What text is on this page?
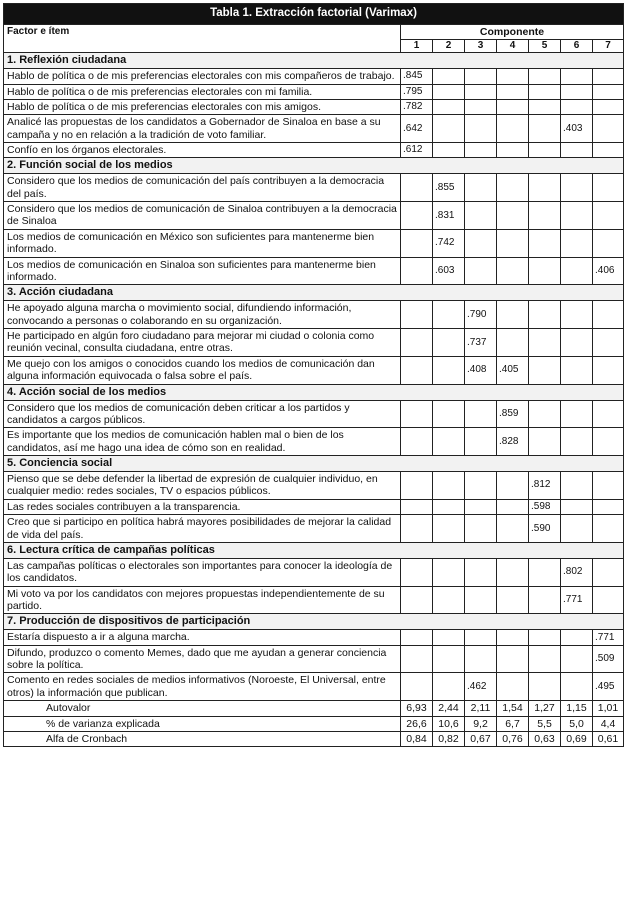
Tabla 1. Extracción factorial (Varimax)							
Factor e ítem	Componente						
	1	2	3	4	5	6	7
1. Reflexión ciudadana							
Hablo de política o de mis preferencias electorales con mis compañeros de trabajo.	.845						
Hablo de política o de mis preferencias electorales con mi familia.	.795						
Hablo de política o de mis preferencias electorales con mis amigos.	.782						
Analicé las propuestas de los candidatos a Gobernador de Sinaloa en base a su campaña y no en relación a la tradición de voto familiar.	.642					.403	
Confío en los órganos electorales.	.612						
2. Función social de los medios							
Considero que los medios de comunicación del país contribuyen a la democracia del país.		.855					
Considero que los medios de comunicación de Sinaloa contribuyen a la democracia de Sinaloa		.831					
Los medios de comunicación en México son suficientes para mantenerme bien informado.		.742					
Los medios de comunicación en Sinaloa son suficientes para mantenerme bien informado.		.603					.406
3. Acción ciudadana							
He apoyado alguna marcha o movimiento social, difundiendo información, convocando a personas o colaborando en su organización.			.790				
He participado en algún foro ciudadano para mejorar mi ciudad o colonia como reunión vecinal, consulta ciudadana, entre otras.			.737				
Me quejo con los amigos o conocidos cuando los medios de comunicación dan alguna información equivocada o falsa sobre el país.			.408	.405			
4. Acción social de los medios							
Considero que los medios de comunicación deben criticar a los partidos y candidatos a cargos públicos.				.859			
Es importante que los medios de comunicación hablen mal o bien de los candidatos, así me hago una idea de cómo son en realidad.				.828			
5. Conciencia social							
Pienso que se debe defender la libertad de expresión de cualquier individuo, en cualquier medio: redes sociales, TV o espacios públicos.					.812		
Las redes sociales contribuyen a la transparencia.					.598		
Creo que si participo en política habrá mayores posibilidades de mejorar la calidad de vida del país.					.590		
6. Lectura crítica de campañas políticas							
Las campañas políticas o electorales son importantes para conocer la ideología de los candidatos.						.802	
Mi voto va por los candidatos con mejores propuestas independientemente de su partido.						.771	
7. Producción de dispositivos de participación							
Estaría dispuesto a ir a alguna marcha.							.771
Difundo, produzco o comento Memes, dado que me ayudan a generar conciencia sobre la política.							.509
Comento en redes sociales de medios informativos (Noroeste, El Universal, entre otros) la información que publican.			.462				.495
Autovalor	6,93	2,44	2,11	1,54	1,27	1,15	1,01
% de varianza explicada	26,6	10,6	9,2	6,7	5,5	5,0	4,4
Alfa de Cronbach	0,84	0,82	0,67	0,76	0,63	0,69	0,61
